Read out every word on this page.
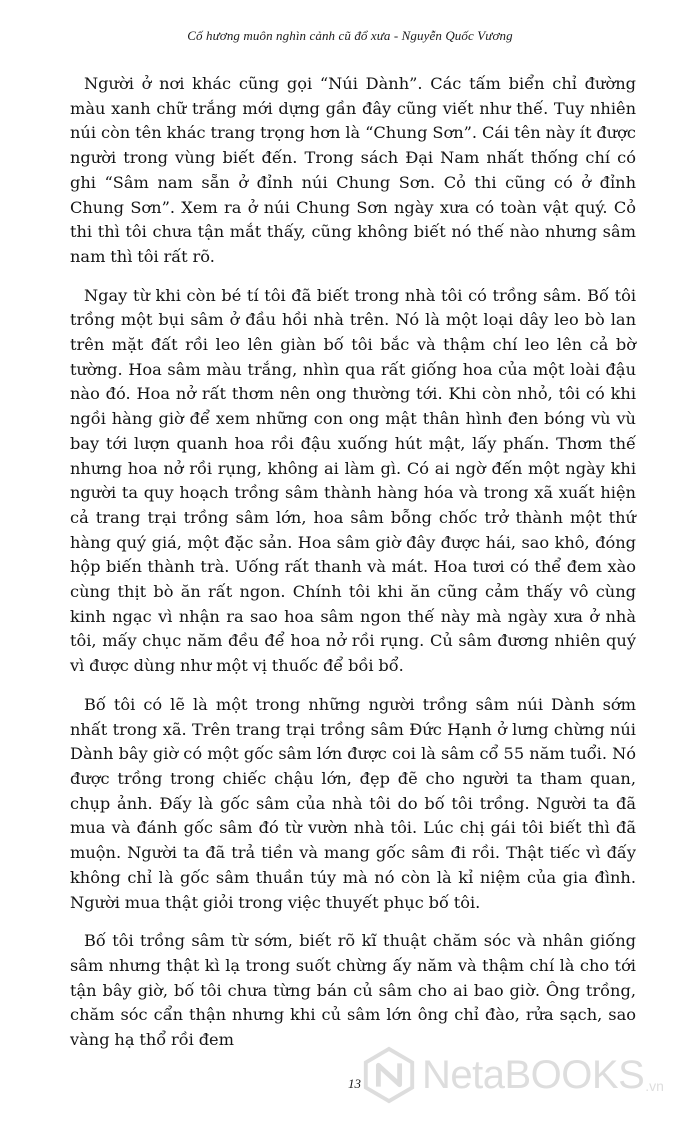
Cố hương muôn nghìn cảnh cũ đổ xưa - Nguyễn Quốc Vương

Người ở nơi khác cũng gọi “Núi Dành”. Các tấm biển chỉ đường màu xanh chữ trắng mới dựng gần đây cũng viết như thế. Tuy nhiên núi còn tên khác trang trọng hơn là “Chung Sơn”. Cái tên này ít được người trong vùng biết đến. Trong sách Đại Nam nhất thống chí có ghi “Sâm nam sẵn ở đỉnh núi Chung Sơn. Cỏ thi cũng có ở đỉnh Chung Sơn”. Xem ra ở núi Chung Sơn ngày xưa có toàn vật quý. Cỏ thi thì tôi chưa tận mắt thấy, cũng không biết nó thế nào nhưng sâm nam thì tôi rất rõ.

Ngay từ khi còn bé tí tôi đã biết trong nhà tôi có trồng sâm. Bố tôi trồng một bụi sâm ở đầu hồi nhà trên. Nó là một loại dây leo bò lan trên mặt đất rồi leo lên giàn bố tôi bắc và thậm chí leo lên cả bờ tường. Hoa sâm màu trắng, nhìn qua rất giống hoa của một loài đậu nào đó. Hoa nở rất thơm nên ong thường tới. Khi còn nhỏ, tôi có khi ngồi hàng giờ để xem những con ong mật thân hình đen bóng vù vù bay tới lượn quanh hoa rồi đậu xuống hút mật, lấy phấn. Thơm thế nhưng hoa nở rồi rụng, không ai làm gì. Có ai ngờ đến một ngày khi người ta quy hoạch trồng sâm thành hàng hóa và trong xã xuất hiện cả trang trại trồng sâm lớn, hoa sâm bỗng chốc trở thành một thứ hàng quý giá, một đặc sản. Hoa sâm giờ đây được hái, sao khô, đóng hộp biến thành trà. Uống rất thanh và mát. Hoa tươi có thể đem xào cùng thịt bò ăn rất ngon. Chính tôi khi ăn cũng cảm thấy vô cùng kinh ngạc vì nhận ra sao hoa sâm ngon thế này mà ngày xưa ở nhà tôi, mấy chục năm đều để hoa nở rồi rụng. Củ sâm đương nhiên quý vì được dùng như một vị thuốc để bồi bổ.

Bố tôi có lẽ là một trong những người trồng sâm núi Dành sớm nhất trong xã. Trên trang trại trồng sâm Đức Hạnh ở lưng chừng núi Dành bây giờ có một gốc sâm lớn được coi là sâm cổ 55 năm tuổi. Nó được trồng trong chiếc chậu lớn, đẹp đẽ cho người ta tham quan, chụp ảnh. Đấy là gốc sâm của nhà tôi do bố tôi trồng. Người ta đã mua và đánh gốc sâm đó từ vườn nhà tôi. Lúc chị gái tôi biết thì đã muộn. Người ta đã trả tiền và mang gốc sâm đi rồi. Thật tiếc vì đấy không chỉ là gốc sâm thuần túy mà nó còn là kỉ niệm của gia đình. Người mua thật giỏi trong việc thuyết phục bố tôi.

Bố tôi trồng sâm từ sớm, biết rõ kĩ thuật chăm sóc và nhân giống sâm nhưng thật kì lạ trong suốt chừng ấy năm và thậm chí là cho tới tận bây giờ, bố tôi chưa từng bán củ sâm cho ai bao giờ. Ông trồng, chăm sóc cẩn thận nhưng khi củ sâm lớn ông chỉ đào, rửa sạch, sao vàng hạ thổ rồi đem

13	NetaBOOKS .vn
